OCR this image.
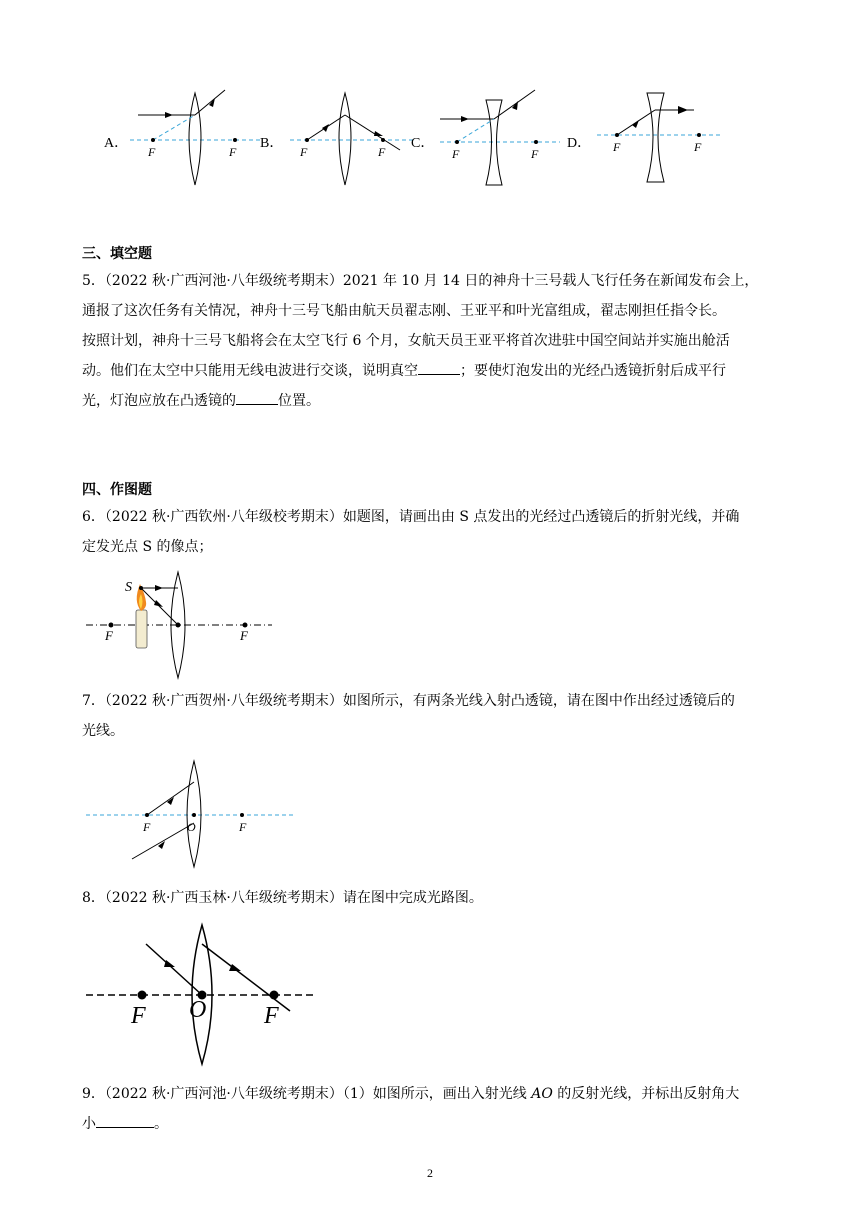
A．
F	F
B．
F	F
C．
F	F
D． F	F
三、填空题
5．（2022 秋·广西河池·八年级统考期末）2021 年 10 月 14 日的神舟十三号载人飞行任务在新闻发布会上，
通报了这次任务有关情况，神舟十三号飞船由航天员翟志刚、王亚平和叶光富组成，翟志刚担任指令长。
按照计划，神舟十三号飞船将会在太空飞行 6 个月，女航天员王亚平将首次进驻中国空间站并实施出舱活
动。他们在太空中只能用无线电波进行交谈，说明真空	；要使灯泡发出的光经凸透镜折射后成平行
光，灯泡应放在凸透镜的	位置。
四、作图题
6．（2022 秋·广西钦州·八年级校考期末）如题图，请画出由 S 点发出的光经过凸透镜后的折射光线，并确
定发光点 S 的像点；
S
F	F
7．（2022 秋·广西贺州·八年级统考期末）如图所示，有两条光线入射凸透镜，请在图中作出经过透镜后的
光线。
F	O	F
8．（2022 秋·广西玉林·八年级统考期末）请在图中完成光路图。
F O F
9．（2022 秋·广西河池·八年级统考期末）（1）如图所示，画出入射光线 AO 的反射光线，并标出反射角大
小	。
2
